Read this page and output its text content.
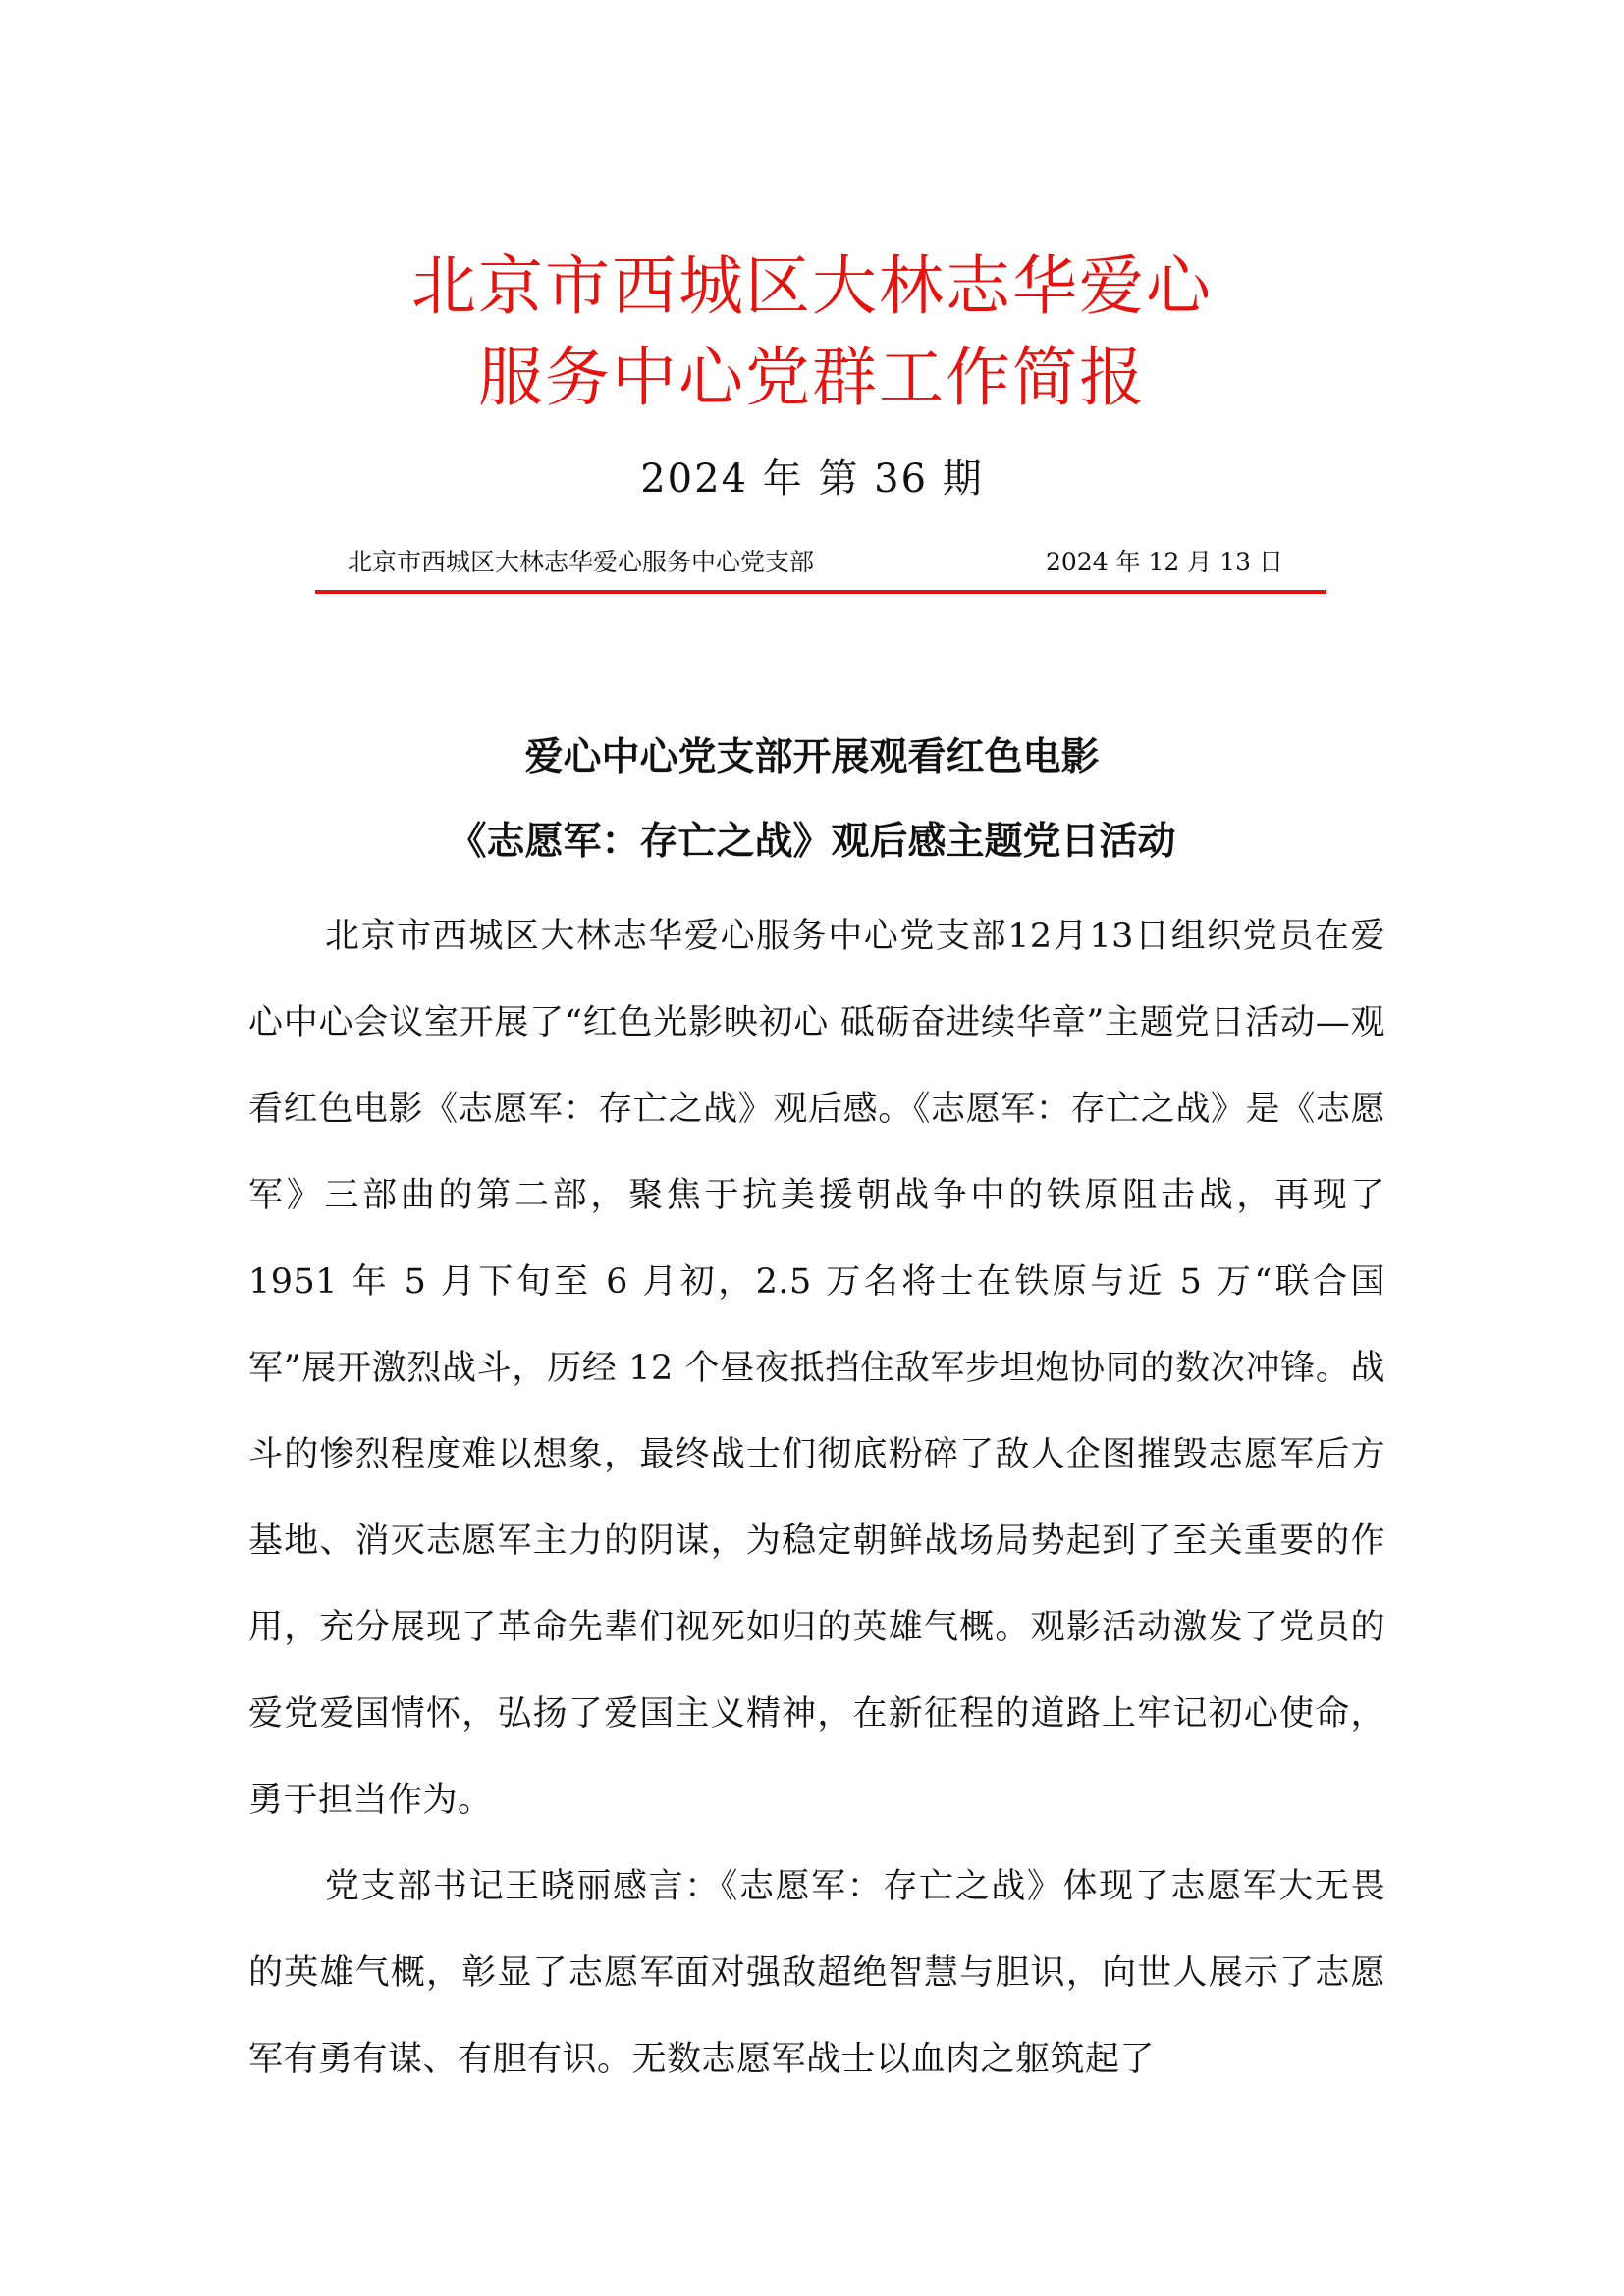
北京市西城区大林志华爱心
服务中心党群工作简报
2024 年 第 36 期
北京市西城区大林志华爱心服务中心党支部	2024 年 12 月 13 日
爱心中心党支部开展观看红色电影
《志愿军：存亡之战》观后感主题党日活动

北京市西城区大林志华爱心服务中心党支部12月13日组织党员在爱心中心会议室开展了“红色光影映初心 砥砺奋进续华章”主题党日活动—观看红色电影《志愿军：存亡之战》观后感。《志愿军：存亡之战》是《志愿军》三部曲的第二部，聚焦于抗美援朝战争中的铁原阻击战，再现了 1951 年 5 月下旬至 6 月初，2.5 万名将士在铁原与近 5 万“联合国军”展开激烈战斗，历经 12 个昼夜抵挡住敌军步坦炮协同的数次冲锋。战斗的惨烈程度难以想象，最终战士们彻底粉碎了敌人企图摧毁志愿军后方基地、消灭志愿军主力的阴谋，为稳定朝鲜战场局势起到了至关重要的作用，充分展现了革命先辈们视死如归的英雄气概。观影活动激发了党员的爱党爱国情怀，弘扬了爱国主义精神，在新征程的道路上牢记初心使命，勇于担当作为。

党支部书记王晓丽感言：《志愿军：存亡之战》体现了志愿军大无畏的英雄气概，彰显了志愿军面对强敌超绝智慧与胆识，向世人展示了志愿军有勇有谋、有胆有识。无数志愿军战士以血肉之躯筑起了
